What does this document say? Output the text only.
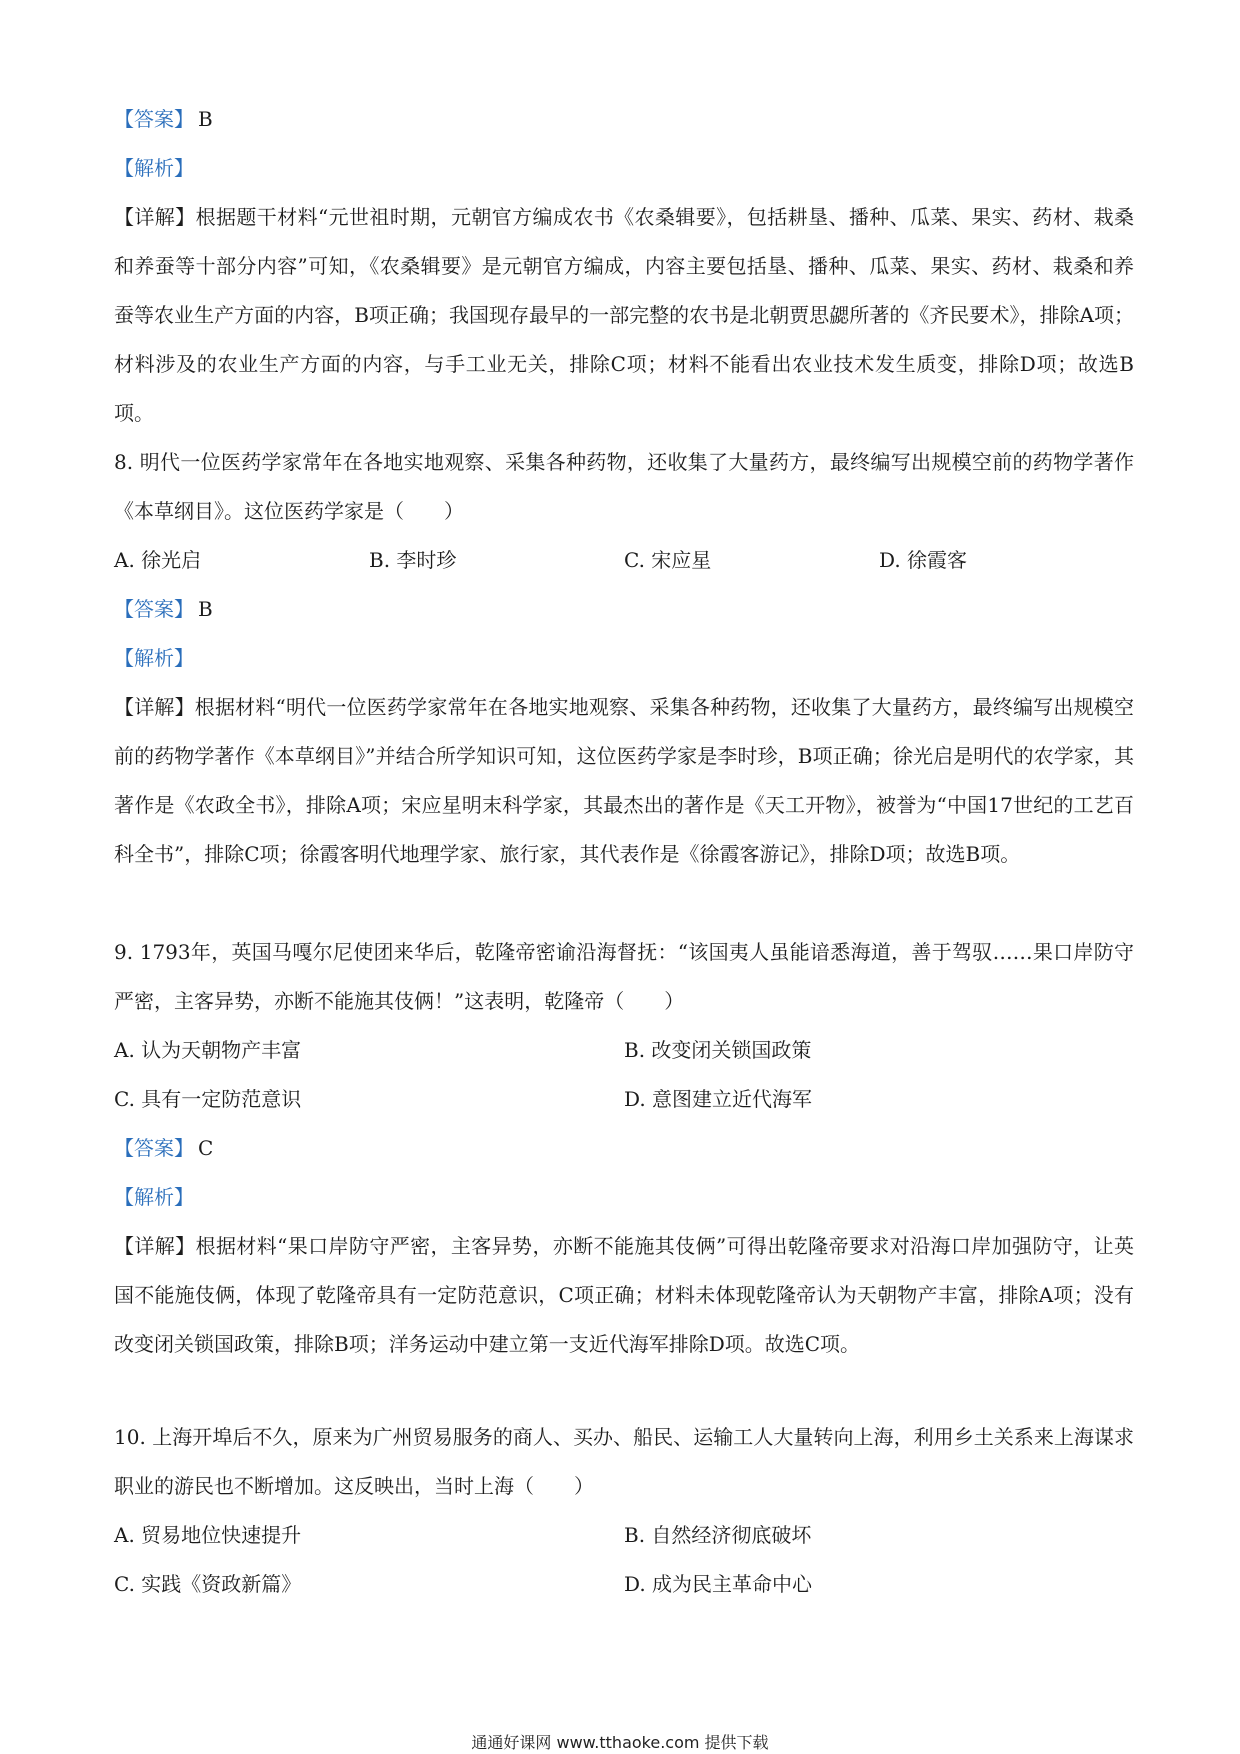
【答案】 B
【解析】

【详解】根据题干材料“元世祖时期，元朝官方编成农书《农桑辑要》，包括耕垦、播种、瓜菜、果实、药材、栽桑和养蚕等十部分内容”可知，《农桑辑要》是元朝官方编成，内容主要包括垦、播种、瓜菜、果实、药材、栽桑和养蚕等农业生产方面的内容，B项正确；我国现存最早的一部完整的农书是北朝贾思勰所著的《齐民要术》，排除A项；材料涉及的农业生产方面的内容，与手工业无关，排除C项；材料不能看出农业技术发生质变，排除D项；故选B项。

8. 明代一位医药学家常年在各地实地观察、采集各种药物，还收集了大量药方，最终编写出规模空前的药物学著作《本草纲目》。这位医药学家是（　　）

A. 徐光启	B. 李时珍	C. 宋应星	D. 徐霞客
【答案】 B
【解析】

【详解】根据材料“明代一位医药学家常年在各地实地观察、采集各种药物，还收集了大量药方，最终编写出规模空前的药物学著作《本草纲目》”并结合所学知识可知，这位医药学家是李时珍，B项正确；徐光启是明代的农学家，其著作是《农政全书》，排除A项；宋应星明末科学家，其最杰出的著作是《天工开物》，被誉为“中国17世纪的工艺百科全书”，排除C项；徐霞客明代地理学家、旅行家，其代表作是《徐霞客游记》，排除D项；故选B项。

9. 1793年，英国马嘎尔尼使团来华后，乾隆帝密谕沿海督抚：“该国夷人虽能谙悉海道，善于驾驭……果口岸防守严密，主客异势，亦断不能施其伎俩！”这表明，乾隆帝（　　）

A. 认为天朝物产丰富	B. 改变闭关锁国政策
C. 具有一定防范意识	D. 意图建立近代海军
【答案】 C
【解析】

【详解】根据材料“果口岸防守严密，主客异势，亦断不能施其伎俩”可得出乾隆帝要求对沿海口岸加强防守，让英国不能施伎俩，体现了乾隆帝具有一定防范意识，C项正确；材料未体现乾隆帝认为天朝物产丰富，排除A项；没有改变闭关锁国政策，排除B项；洋务运动中建立第一支近代海军排除D项。故选C项。

10. 上海开埠后不久，原来为广州贸易服务的商人、买办、船民、运输工人大量转向上海，利用乡土关系来上海谋求职业的游民也不断增加。这反映出，当时上海（　　）

A. 贸易地位快速提升	B. 自然经济彻底破坏
C. 实践《资政新篇》	D. 成为民主革命中心
通通好课网 www.tthaoke.com 提供下载
